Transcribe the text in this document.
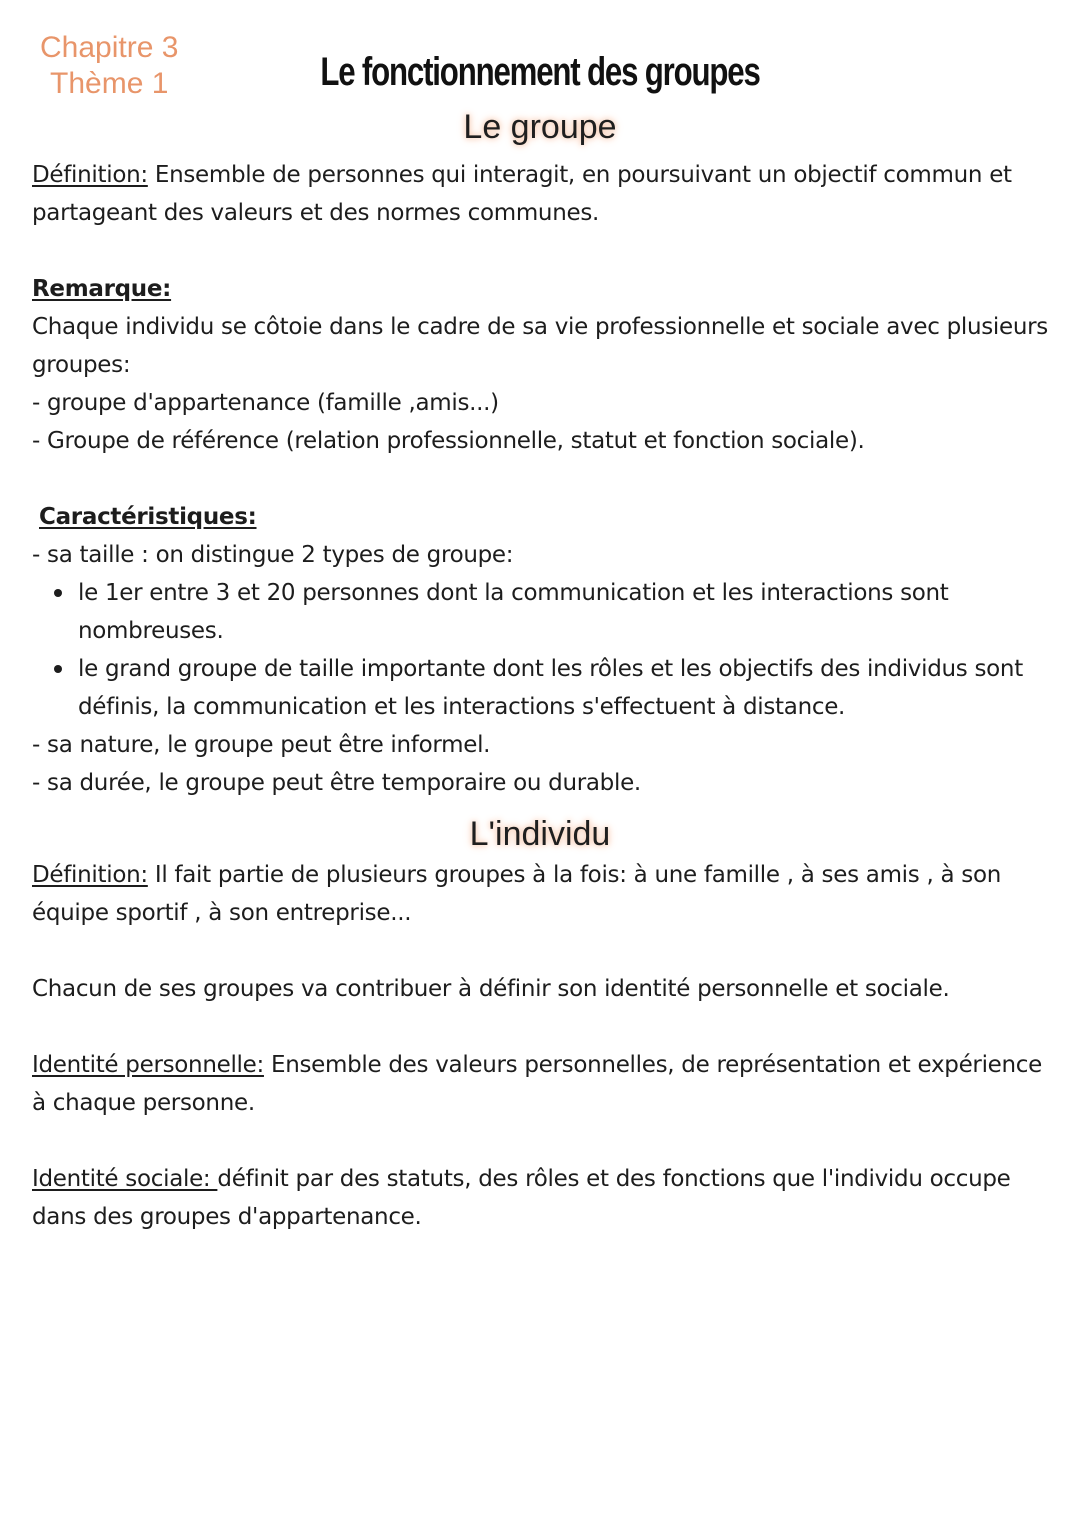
Chapitre 3
Thème 1	Le fonctionnement des groupes
Le groupe

Définition: Ensemble de personnes qui interagit, en poursuivant un objectif commun et partageant des valeurs et des normes communes.

Remarque:

Chaque individu se côtoie dans le cadre de sa vie professionnelle et sociale avec plusieurs groupes:

- groupe d'appartenance (famille ,amis...)

- Groupe de référence (relation professionnelle, statut et fonction sociale).

Caractéristiques:

- sa taille : on distingue 2 types de groupe:

le 1er entre 3 et 20 personnes dont la communication et les interactions sont nombreuses.
le grand groupe de taille importante dont les rôles et les objectifs des individus sont définis, la communication et les interactions s'effectuent à distance.

- sa nature, le groupe peut être informel.

- sa durée, le groupe peut être temporaire ou durable.

L'individu

Définition: Il fait partie de plusieurs groupes à la fois: à une famille , à ses amis , à son équipe sportif , à son entreprise...

Chacun de ses groupes va contribuer à définir son identité personnelle et sociale.

Identité personnelle: Ensemble des valeurs personnelles, de représentation et expérience à chaque personne.

Identité sociale: définit par des statuts, des rôles et des fonctions que l'individu occupe dans des groupes d'appartenance.
